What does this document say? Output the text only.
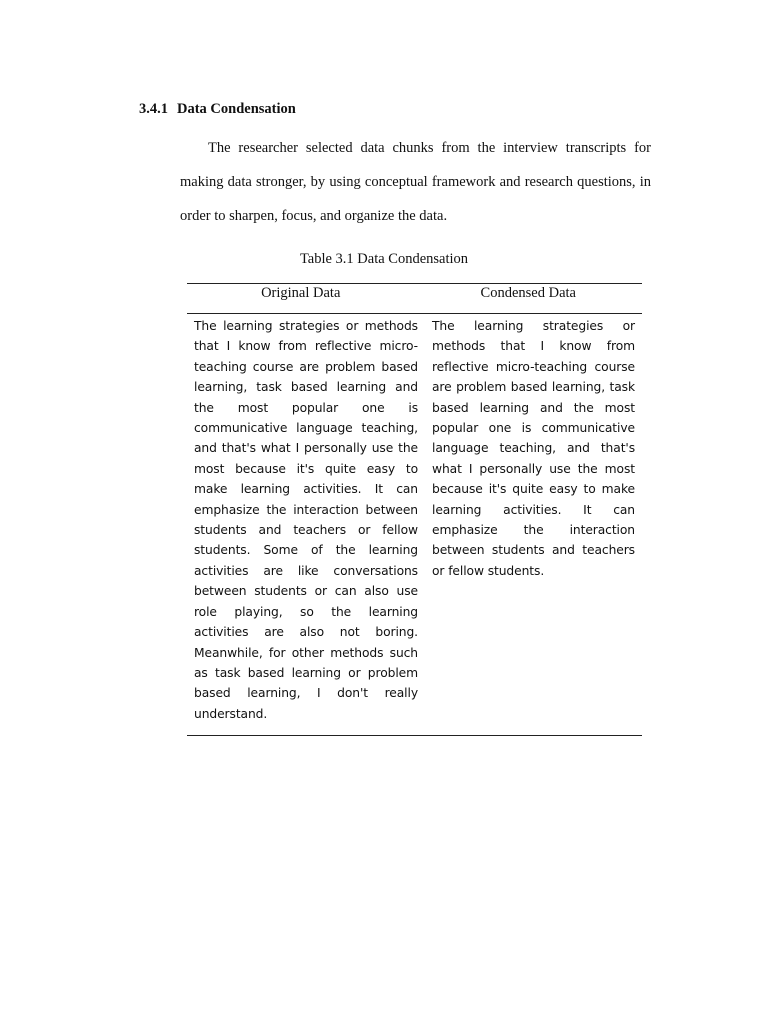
3.4.1 Data Condensation

The researcher selected data chunks from the interview transcripts for making data stronger, by using conceptual framework and research questions, in order to sharpen, focus, and organize the data.

Table 3.1 Data Condensation

Original Data	Condensed Data
The learning strategies or methods that I know from reflective micro-teaching course are problem based learning, task based learning and the most popular one is communicative language teaching, and that's what I personally use the most because it's quite easy to make learning activities. It can emphasize the interaction between students and teachers or fellow students. Some of the learning activities are like conversations between students or can also use role playing, so the learning activities are also not boring. Meanwhile, for other methods such as task based learning or problem based learning, I don't really understand.
The learning strategies or methods that I know from reflective micro-teaching course are problem based learning, task based learning and the most popular one is communicative language teaching, and that's what I personally use the most because it's quite easy to make learning activities. It can emphasize the interaction between students and teachers or fellow students.
